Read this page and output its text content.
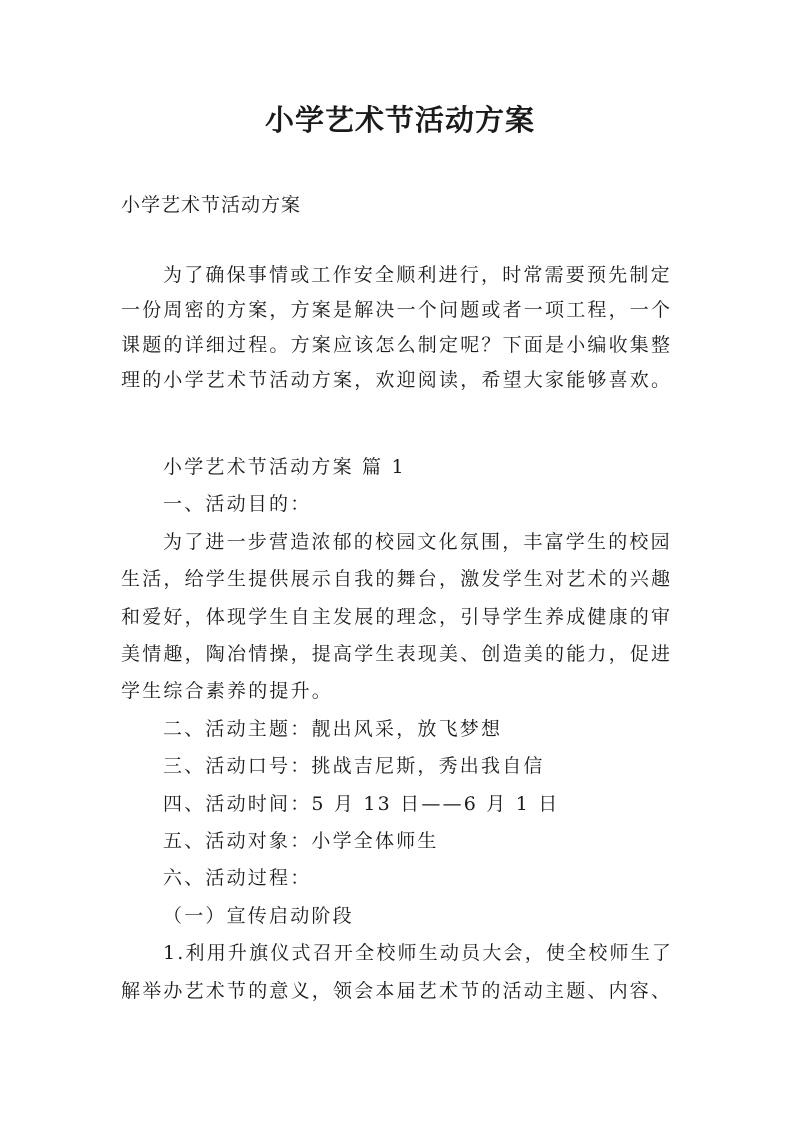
小学艺术节活动方案
小学艺术节活动方案
为了确保事情或工作安全顺利进行，时常需要预先制定
一份周密的方案，方案是解决一个问题或者一项工程，一个
课题的详细过程。方案应该怎么制定呢？下面是小编收集整
理的小学艺术节活动方案，欢迎阅读，希望大家能够喜欢。
小学艺术节活动方案 篇 1
一、活动目的：
为了进一步营造浓郁的校园文化氛围，丰富学生的校园
生活，给学生提供展示自我的舞台，激发学生对艺术的兴趣
和爱好，体现学生自主发展的理念，引导学生养成健康的审
美情趣，陶冶情操，提高学生表现美、创造美的能力，促进
学生综合素养的提升。
二、活动主题：靓出风采，放飞梦想
三、活动口号：挑战吉尼斯，秀出我自信
四、活动时间：5 月 13 日——6 月 1 日
五、活动对象：小学全体师生
六、活动过程：
（一）宣传启动阶段
1.利用升旗仪式召开全校师生动员大会，使全校师生了
解举办艺术节的意义，领会本届艺术节的活动主题、内容、
